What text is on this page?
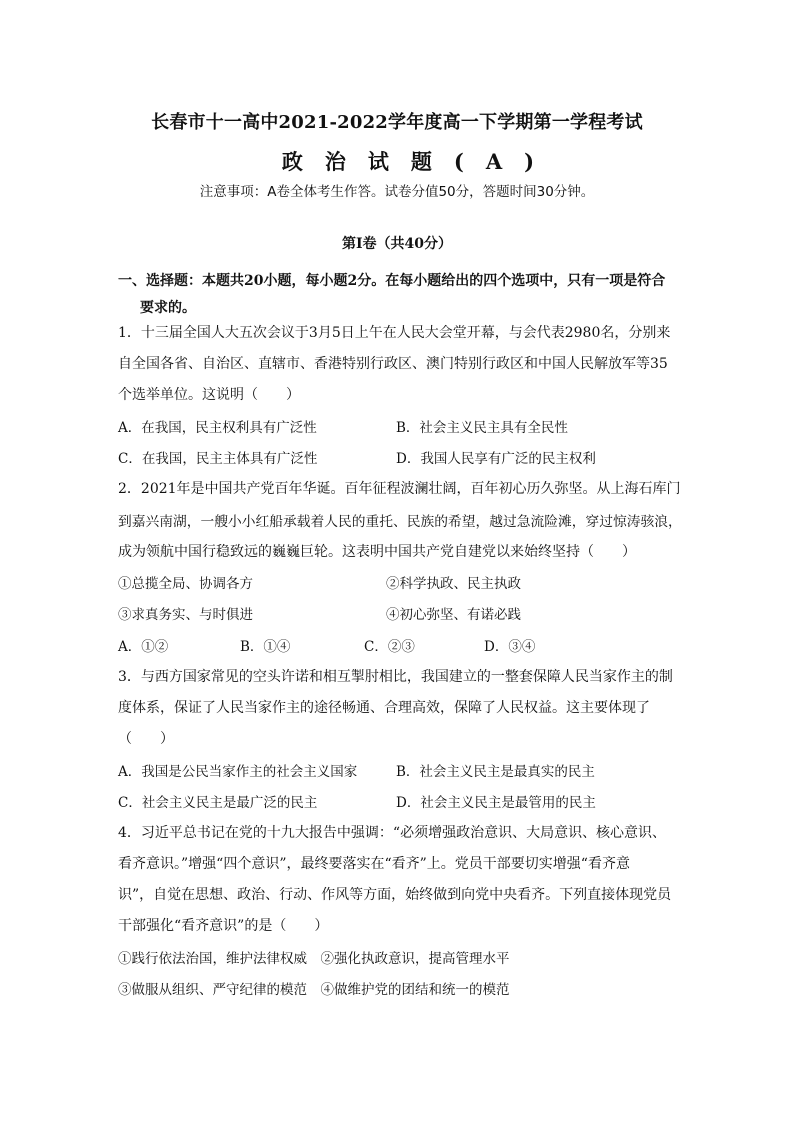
长春市十一高中2021-2022学年度高一下学期第一学程考试
政治试题(A)
注意事项：A卷全体考生作答。试卷分值50分，答题时间30分钟。
第Ⅰ卷（共40分）
一、选择题：本题共20小题，每小题2分。在每小题给出的四个选项中，只有一项是符合
要求的。
1．十三届全国人大五次会议于3月5日上午在人民大会堂开幕，与会代表2980名，分别来
自全国各省、自治区、直辖市、香港特别行政区、澳门特别行政区和中国人民解放军等35
个选举单位。这说明（　　）
A．在我国，民主权利具有广泛性	B．社会主义民主具有全民性
C．在我国，民主主体具有广泛性	D．我国人民享有广泛的民主权利
2．2021年是中国共产党百年华诞。百年征程波澜壮阔，百年初心历久弥坚。从上海石库门
到嘉兴南湖，一艘小小红船承载着人民的重托、民族的希望，越过急流险滩，穿过惊涛骇浪，
成为领航中国行稳致远的巍巍巨轮。这表明中国共产党自建党以来始终坚持（　　）
①总揽全局、协调各方	②科学执政、民主执政
③求真务实、与时俱进	④初心弥坚、有诺必践
A．①②	B．①④	C．②③	D．③④
3．与西方国家常见的空头许诺和相互掣肘相比，我国建立的一整套保障人民当家作主的制
度体系，保证了人民当家作主的途径畅通、合理高效，保障了人民权益。这主要体现了
（　　）
A．我国是公民当家作主的社会主义国家	B．社会主义民主是最真实的民主
C．社会主义民主是最广泛的民主	D．社会主义民主是最管用的民主
4．习近平总书记在党的十九大报告中强调：“必须增强政治意识、大局意识、核心意识、
看齐意识。”增强“四个意识”，最终要落实在“看齐”上。党员干部要切实增强“看齐意
识”，自觉在思想、政治、行动、作风等方面，始终做到向党中央看齐。下列直接体现党员
干部强化“看齐意识”的是（　　）
①践行依法治国，维护法律权威　②强化执政意识，提高管理水平
③做服从组织、严守纪律的模范　④做维护党的团结和统一的模范
